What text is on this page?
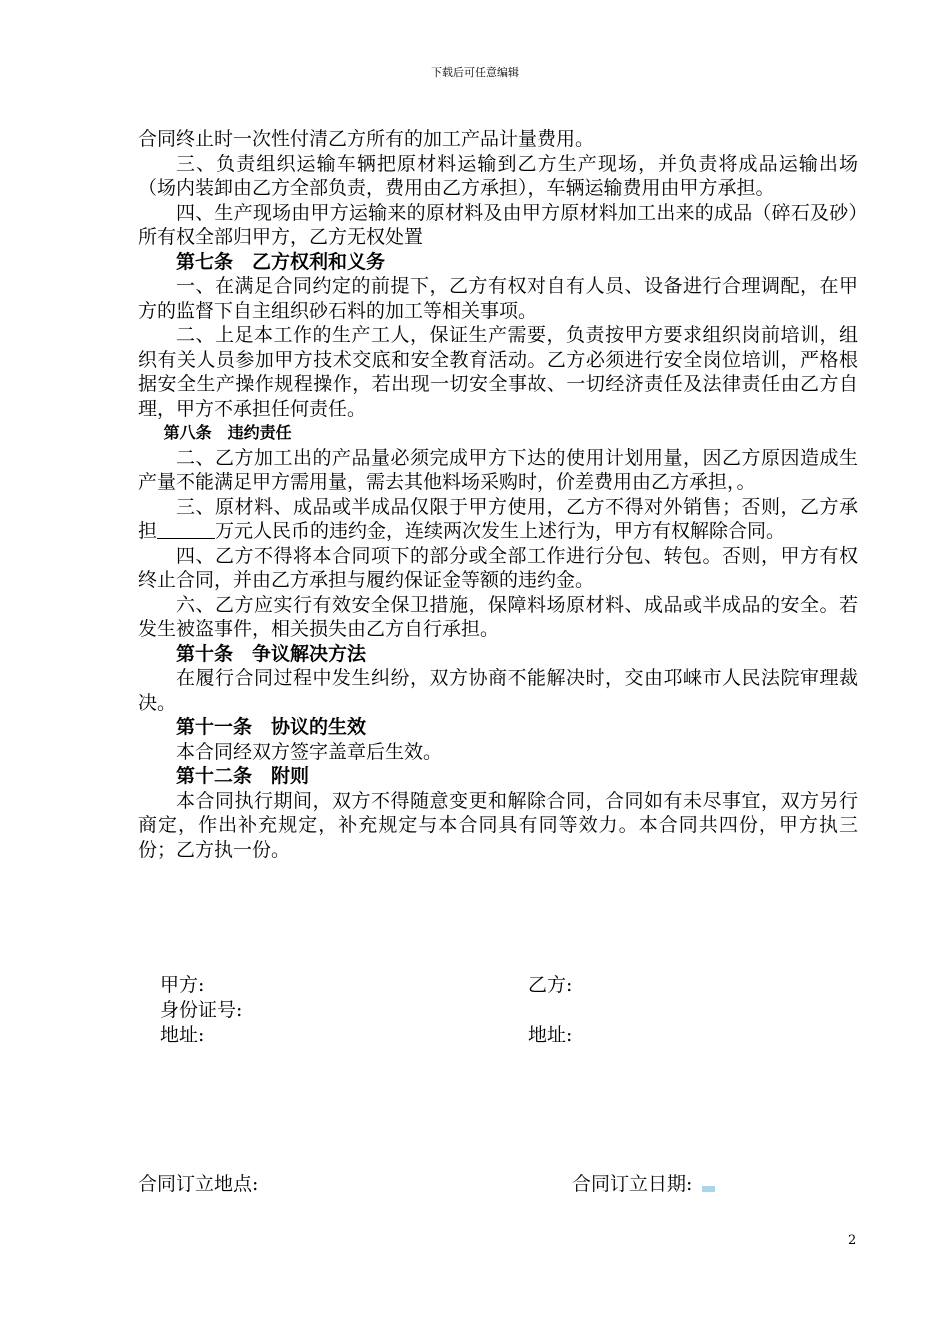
下载后可任意编辑

合同终止时一次性付清乙方所有的加工产品计量费用。

三、负责组织运输车辆把原材料运输到乙方生产现场，并负责将成品运输出场（场内装卸由乙方全部负责，费用由乙方承担），车辆运输费用由甲方承担。

四、生产现场由甲方运输来的原材料及由甲方原材料加工出来的成品（碎石及砂）所有权全部归甲方，乙方无权处置

第七条　乙方权利和义务

一、在满足合同约定的前提下，乙方有权对自有人员、设备进行合理调配，在甲方的监督下自主组织砂石料的加工等相关事项。

二、上足本工作的生产工人，保证生产需要，负责按甲方要求组织岗前培训，组织有关人员参加甲方技术交底和安全教育活动。乙方必须进行安全岗位培训，严格根据安全生产操作规程操作，若出现一切安全事故、一切经济责任及法律责任由乙方自理，甲方不承担任何责任。

第八条　违约责任

二、乙方加工出的产品量必须完成甲方下达的使用计划用量，因乙方原因造成生产量不能满足甲方需用量，需去其他料场采购时，价差费用由乙方承担，。

三、原材料、成品或半成品仅限于甲方使用，乙方不得对外销售；否则，乙方承担	万元人民币的违约金，连续两次发生上述行为，甲方有权解除合同。

四、乙方不得将本合同项下的部分或全部工作进行分包、转包。否则，甲方有权终止合同，并由乙方承担与履约保证金等额的违约金。

六、乙方应实行有效安全保卫措施，保障料场原材料、成品或半成品的安全。若发生被盗事件，相关损失由乙方自行承担。

第十条　争议解决方法

在履行合同过程中发生纠纷，双方协商不能解决时，交由邛崃市人民法院审理裁决。

第十一条　协议的生效

本合同经双方签字盖章后生效。

第十二条　附则

本合同执行期间，双方不得随意变更和解除合同，合同如有未尽事宜，双方另行商定，作出补充规定，补充规定与本合同具有同等效力。本合同共四份，甲方执三份；乙方执一份。

甲方:	乙方:
身份证号:
地址:	地址:
合同订立地点:	合同订立日期:
2
